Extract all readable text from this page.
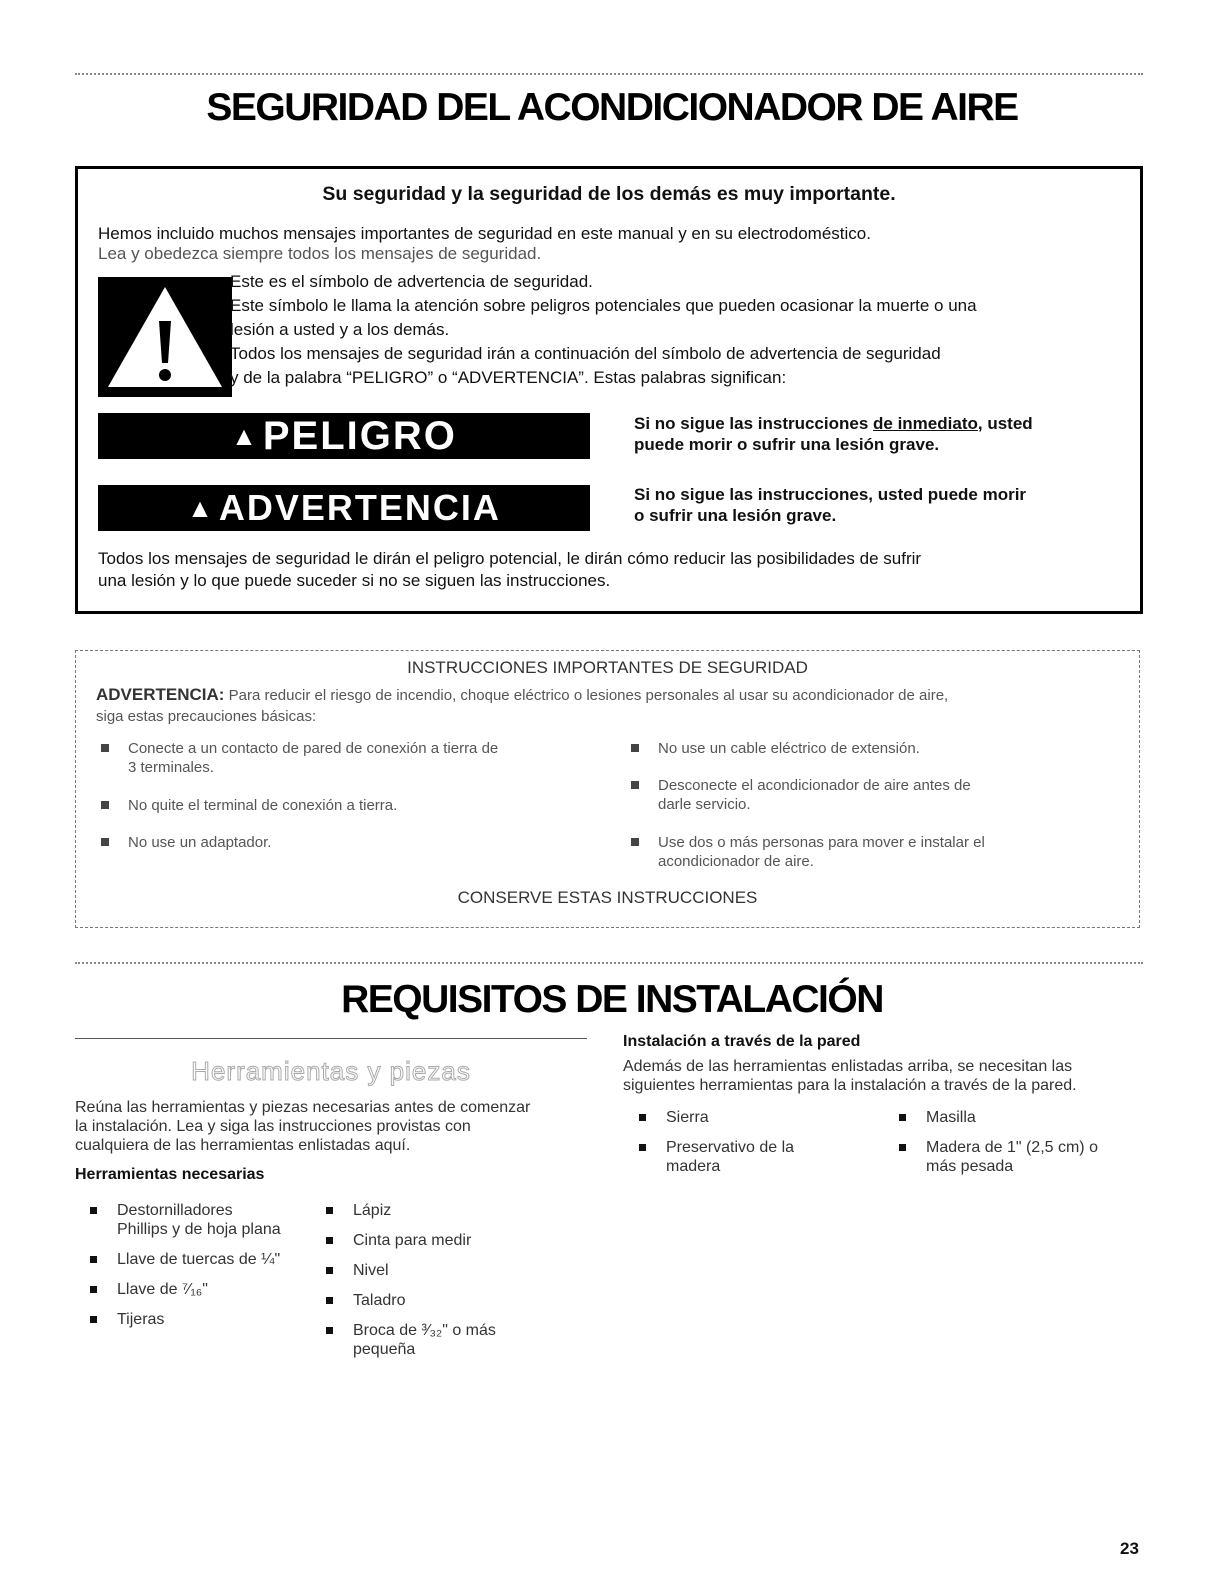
SEGURIDAD DEL ACONDICIONADOR DE AIRE
Su seguridad y la seguridad de los demás es muy importante.
Hemos incluido muchos mensajes importantes de seguridad en este manual y en su electrodoméstico.
Lea y obedezca siempre todos los mensajes de seguridad.
Este es el símbolo de advertencia de seguridad.
Este símbolo le llama la atención sobre peligros potenciales que pueden ocasionar la muerte o una
lesión a usted y a los demás.
Todos los mensajes de seguridad irán a continuación del símbolo de advertencia de seguridad
y de la palabra “PELIGRO” o “ADVERTENCIA”. Estas palabras significan:
▲ PELIGRO	Si no sigue las instrucciones de inmediato, usted
puede morir o sufrir una lesión grave.
▲ ADVERTENCIA	Si no sigue las instrucciones, usted puede morir
o sufrir una lesión grave.
Todos los mensajes de seguridad le dirán el peligro potencial, le dirán cómo reducir las posibilidades de sufrir
una lesión y lo que puede suceder si no se siguen las instrucciones.
INSTRUCCIONES IMPORTANTES DE SEGURIDAD
ADVERTENCIA: Para reducir el riesgo de incendio, choque eléctrico o lesiones personales al usar su acondicionador de aire,
siga estas precauciones básicas:
Conecte a un contacto de pared de conexión a tierra de
3 terminales.
No quite el terminal de conexión a tierra.
No use un adaptador.
No use un cable eléctrico de extensión.
Desconecte el acondicionador de aire antes de
darle servicio.
Use dos o más personas para mover e instalar el
acondicionador de aire.
CONSERVE ESTAS INSTRUCCIONES
REQUISITOS DE INSTALACIÓN
Herramientas y piezas
Reúna las herramientas y piezas necesarias antes de comenzar
la instalación. Lea y siga las instrucciones provistas con
cualquiera de las herramientas enlistadas aquí.
Herramientas necesarias
Destornilladores
Phillips y de hoja plana
Llave de tuercas de ¼"
Llave de ⁷⁄₁₆"
Tijeras
Lápiz
Cinta para medir
Nivel
Taladro
Broca de ³⁄₃₂" o más
pequeña
Instalación a través de la pared
Además de las herramientas enlistadas arriba, se necesitan las
siguientes herramientas para la instalación a través de la pared.
Sierra
Preservativo de la
madera
Masilla
Madera de 1" (2,5 cm) o
más pesada
23
